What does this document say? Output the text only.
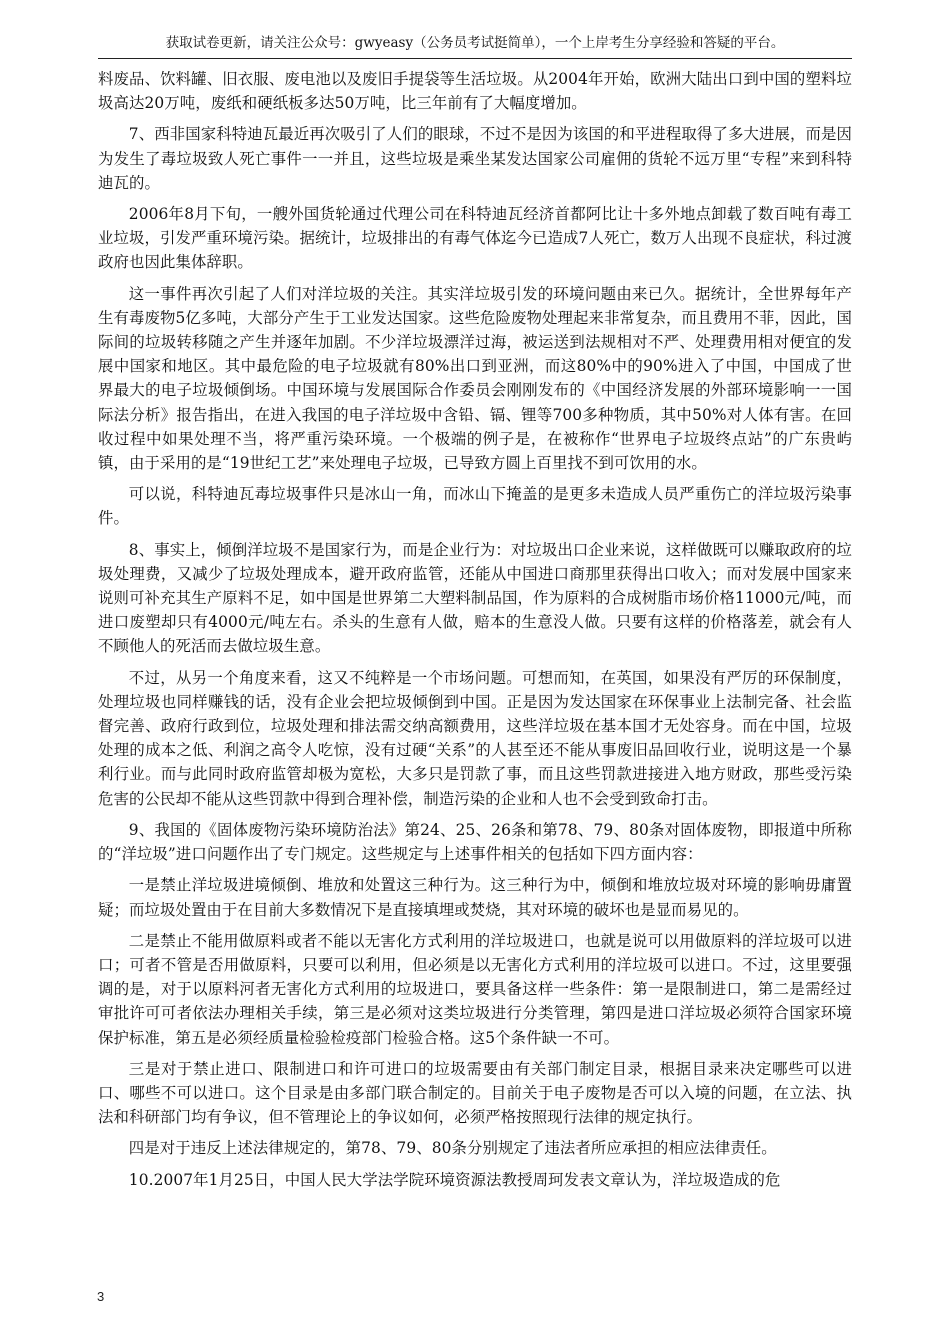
获取试卷更新，请关注公众号：gwyeasy（公务员考试挺简单），一个上岸考生分享经验和答疑的平台。

料废品、饮料罐、旧衣服、废电池以及废旧手提袋等生活垃圾。从2004年开始，欧洲大陆出口到中国的塑料垃圾高达20万吨，废纸和硬纸板多达50万吨，比三年前有了大幅度增加。

7、西非国家科特迪瓦最近再次吸引了人们的眼球，不过不是因为该国的和平进程取得了多大进展，而是因为发生了毒垃圾致人死亡事件一一并且，这些垃圾是乘坐某发达国家公司雇佣的货轮不远万里“专程”来到科特迪瓦的。

2006年8月下旬，一艘外国货轮通过代理公司在科特迪瓦经济首都阿比让十多外地点卸载了数百吨有毒工业垃圾，引发严重环境污染。据统计，垃圾排出的有毒气体迄今已造成7人死亡，数万人出现不良症状，科过渡政府也因此集体辞职。

这一事件再次引起了人们对洋垃圾的关注。其实洋垃圾引发的环境问题由来已久。据统计，全世界每年产生有毒废物5亿多吨，大部分产生于工业发达国家。这些危险废物处理起来非常复杂，而且费用不菲，因此，国际间的垃圾转移随之产生并逐年加剧。不少洋垃圾漂洋过海，被运送到法规相对不严、处理费用相对便宜的发展中国家和地区。其中最危险的电子垃圾就有80%出口到亚洲，而这80%中的90%进入了中国，中国成了世界最大的电子垃圾倾倒场。中国环境与发展国际合作委员会刚刚发布的《中国经济发展的外部环境影响一一国际法分析》报告指出，在进入我国的电子洋垃圾中含铅、镉、锂等700多种物质，其中50%对人体有害。在回收过程中如果处理不当，将严重污染环境。一个极端的例子是，在被称作“世界电子垃圾终点站”的广东贵屿镇，由于采用的是“19世纪工艺”来处理电子垃圾，已导致方圆上百里找不到可饮用的水。

可以说，科特迪瓦毒垃圾事件只是冰山一角，而冰山下掩盖的是更多未造成人员严重伤亡的洋垃圾污染事件。

8、事实上，倾倒洋垃圾不是国家行为，而是企业行为：对垃圾出口企业来说，这样做既可以赚取政府的垃圾处理费，又减少了垃圾处理成本，避开政府监管，还能从中国进口商那里获得出口收入；而对发展中国家来说则可补充其生产原料不足，如中国是世界第二大塑料制品国，作为原料的合成树脂市场价格11000元/吨，而进口废塑却只有4000元/吨左右。杀头的生意有人做，赔本的生意没人做。只要有这样的价格落差，就会有人不顾他人的死活而去做垃圾生意。

不过，从另一个角度来看，这又不纯粹是一个市场问题。可想而知，在英国，如果没有严厉的环保制度，处理垃圾也同样赚钱的话，没有企业会把垃圾倾倒到中国。正是因为发达国家在环保事业上法制完备、社会监督完善、政府行政到位，垃圾处理和排法需交纳高额费用，这些洋垃圾在基本国才无处容身。而在中国，垃圾处理的成本之低、利润之高令人吃惊，没有过硬“关系”的人甚至还不能从事废旧品回收行业，说明这是一个暴利行业。而与此同时政府监管却极为宽松，大多只是罚款了事，而且这些罚款进接进入地方财政，那些受污染危害的公民却不能从这些罚款中得到合理补偿，制造污染的企业和人也不会受到致命打击。

9、我国的《固体废物污染环境防治法》第24、25、26条和第78、79、80条对固体废物，即报道中所称的“洋垃圾”进口问题作出了专门规定。这些规定与上述事件相关的包括如下四方面内容：

一是禁止洋垃圾进境倾倒、堆放和处置这三种行为。这三种行为中，倾倒和堆放垃圾对环境的影响毋庸置疑；而垃圾处置由于在目前大多数情况下是直接填埋或焚烧，其对环境的破坏也是显而易见的。

二是禁止不能用做原料或者不能以无害化方式利用的洋垃圾进口，也就是说可以用做原料的洋垃圾可以进口；可者不管是否用做原料，只要可以利用，但必须是以无害化方式利用的洋垃圾可以进口。不过，这里要强调的是，对于以原料河者无害化方式利用的垃圾进口，要具备这样一些条件：第一是限制进口，第二是需经过审批许可可者依法办理相关手续，第三是必须对这类垃圾进行分类管理，第四是进口洋垃圾必须符合国家环境保护标准，第五是必须经质量检验检疫部门检验合格。这5个条件缺一不可。

三是对于禁止进口、限制进口和许可进口的垃圾需要由有关部门制定目录，根据目录来决定哪些可以进口、哪些不可以进口。这个目录是由多部门联合制定的。目前关于电子废物是否可以入境的问题，在立法、执法和科研部门均有争议，但不管理论上的争议如何，必须严格按照现行法律的规定执行。

四是对于违反上述法律规定的，第78、79、80条分别规定了违法者所应承担的相应法律责任。

10.2007年1月25日，中国人民大学法学院环境资源法教授周珂发表文章认为，洋垃圾造成的危

3
